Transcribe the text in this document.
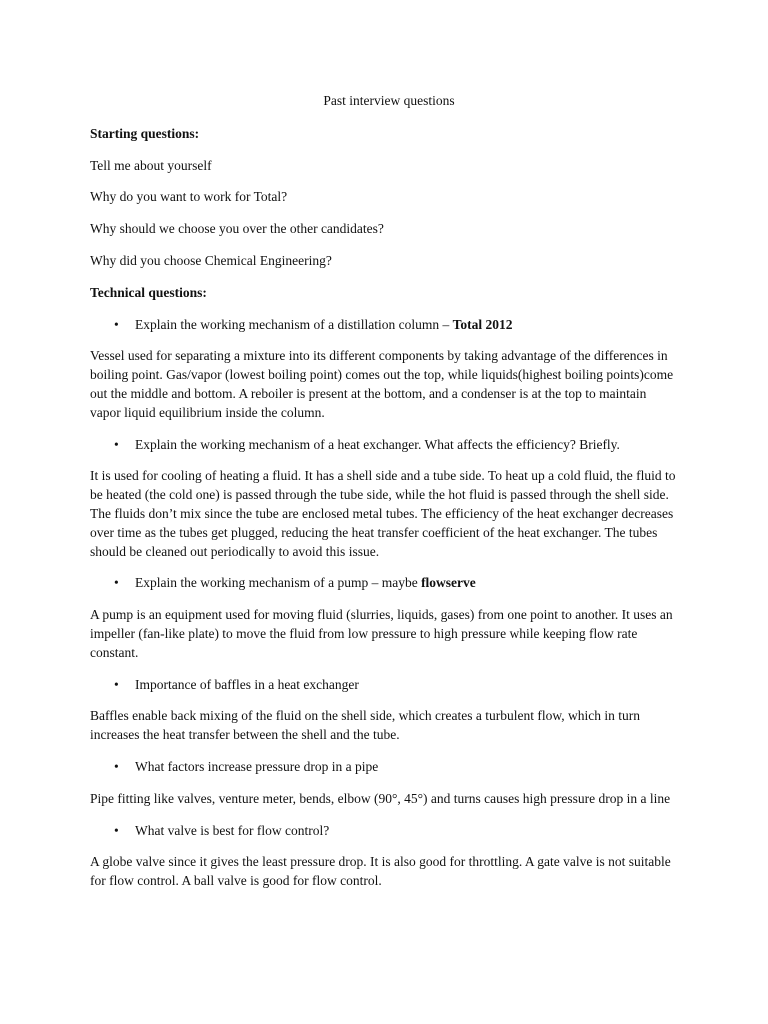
Past interview questions
Starting questions:
Tell me about yourself
Why do you want to work for Total?
Why should we choose you over the other candidates?
Why did you choose Chemical Engineering?
Technical questions:
• Explain the working mechanism of a distillation column – Total 2012
Vessel used for separating a mixture into its different components by taking advantage of the differences in boiling point. Gas/vapor (lowest boiling point) comes out the top, while liquids(highest boiling points)come out the middle and bottom. A reboiler is present at the bottom, and a condenser is at the top to maintain vapor liquid equilibrium inside the column.
• Explain the working mechanism of a heat exchanger. What affects the efficiency? Briefly.
It is used for cooling of heating a fluid. It has a shell side and a tube side. To heat up a cold fluid, the fluid to be heated (the cold one) is passed through the tube side, while the hot fluid is passed through the shell side. The fluids don’t mix since the tube are enclosed metal tubes. The efficiency of the heat exchanger decreases over time as the tubes get plugged, reducing the heat transfer coefficient of the heat exchanger. The tubes should be cleaned out periodically to avoid this issue.
• Explain the working mechanism of a pump – maybe flowserve
A pump is an equipment used for moving fluid (slurries, liquids, gases) from one point to another. It uses an impeller (fan-like plate) to move the fluid from low pressure to high pressure while keeping flow rate constant.
• Importance of baffles in a heat exchanger
Baffles enable back mixing of the fluid on the shell side, which creates a turbulent flow, which in turn increases the heat transfer between the shell and the tube.
• What factors increase pressure drop in a pipe
Pipe fitting like valves, venture meter, bends, elbow (90°, 45°) and turns causes high pressure drop in a line
• What valve is best for flow control?
A globe valve since it gives the least pressure drop. It is also good for throttling. A gate valve is not suitable for flow control. A ball valve is good for flow control.
